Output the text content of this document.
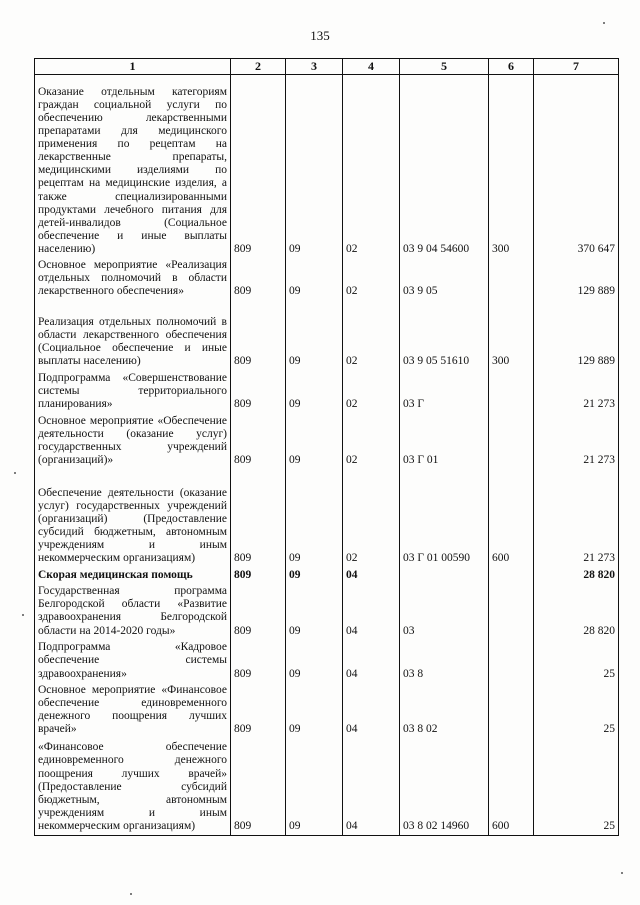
135
1	2	3	4	5	6	7
Оказание отдельным категориям граждан социальной услуги по обеспечению лекарственными препаратами для медицинского применения по рецептам на лекарственные препараты, медицинскими изделиями по рецептам на медицинские изделия, а также специализированными продуктами лечебного питания для детей-инвалидов (Социальное обеспечение и иные выплаты населению)	809	09	02	03 9 04 54600	300	370 647
Основное мероприятие «Реализация отдельных полномочий в области лекарственного обеспечения»	809	09	02	03 9 05		129 889
Реализация отдельных полномочий в области лекарственного обеспечения (Социальное обеспечение и иные выплаты населению)	809	09	02	03 9 05 51610	300	129 889
Подпрограмма «Совершенствование системы территориального планирования»	809	09	02	03 Г		21 273
Основное мероприятие «Обеспечение деятельности (оказание услуг) государственных учреждений (организаций)»	809	09	02	03 Г 01		21 273
Обеспечение деятельности (оказание услуг) государственных учреждений (организаций) (Предоставление субсидий бюджетным, автономным учреждениям и иным некоммерческим организациям)	809	09	02	03 Г 01 00590	600	21 273
Скорая медицинская помощь	809	09	04			28 820
Государственная программа Белгородской области «Развитие здравоохранения Белгородской области на 2014-2020 годы»	809	09	04	03		28 820
Подпрограмма «Кадровое обеспечение системы здравоохранения»	809	09	04	03 8		25
Основное мероприятие «Финансовое обеспечение единовременного денежного поощрения лучших врачей»	809	09	04	03 8 02		25
«Финансовое обеспечение единовременного денежного поощрения лучших врачей» (Предоставление субсидий бюджетным, автономным учреждениям и иным некоммерческим организациям)	809	09	04	03 8 02 14960	600	25
